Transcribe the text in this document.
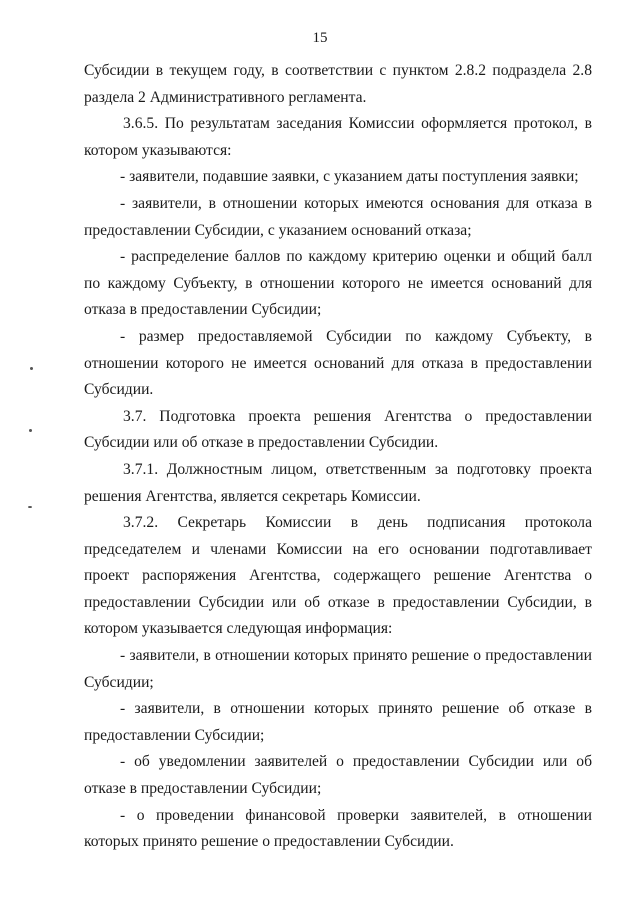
15

Субсидии в текущем году, в соответствии с пунктом 2.8.2 подраздела 2.8 раздела 2 Административного регламента.

3.6.5. По результатам заседания Комиссии оформляется протокол, в котором указываются:

- заявители, подавшие заявки, с указанием даты поступления заявки;

- заявители, в отношении которых имеются основания для отказа в предоставлении Субсидии, с указанием оснований отказа;

- распределение баллов по каждому критерию оценки и общий балл по каждому Субъекту, в отношении которого не имеется оснований для отказа в предоставлении Субсидии;

- размер предоставляемой Субсидии по каждому Субъекту, в отношении которого не имеется оснований для отказа в предоставлении Субсидии.

3.7. Подготовка проекта решения Агентства о предоставлении Субсидии или об отказе в предоставлении Субсидии.

3.7.1. Должностным лицом, ответственным за подготовку проекта решения Агентства, является секретарь Комиссии.

3.7.2. Секретарь Комиссии в день подписания протокола председателем и членами Комиссии на его основании подготавливает проект распоряжения Агентства, содержащего решение Агентства о предоставлении Субсидии или об отказе в предоставлении Субсидии, в котором указывается следующая информация:

- заявители, в отношении которых принято решение о предоставлении Субсидии;

- заявители, в отношении которых принято решение об отказе в предоставлении Субсидии;

- об уведомлении заявителей о предоставлении Субсидии или об отказе в предоставлении Субсидии;

- о проведении финансовой проверки заявителей, в отношении которых принято решение о предоставлении Субсидии.
